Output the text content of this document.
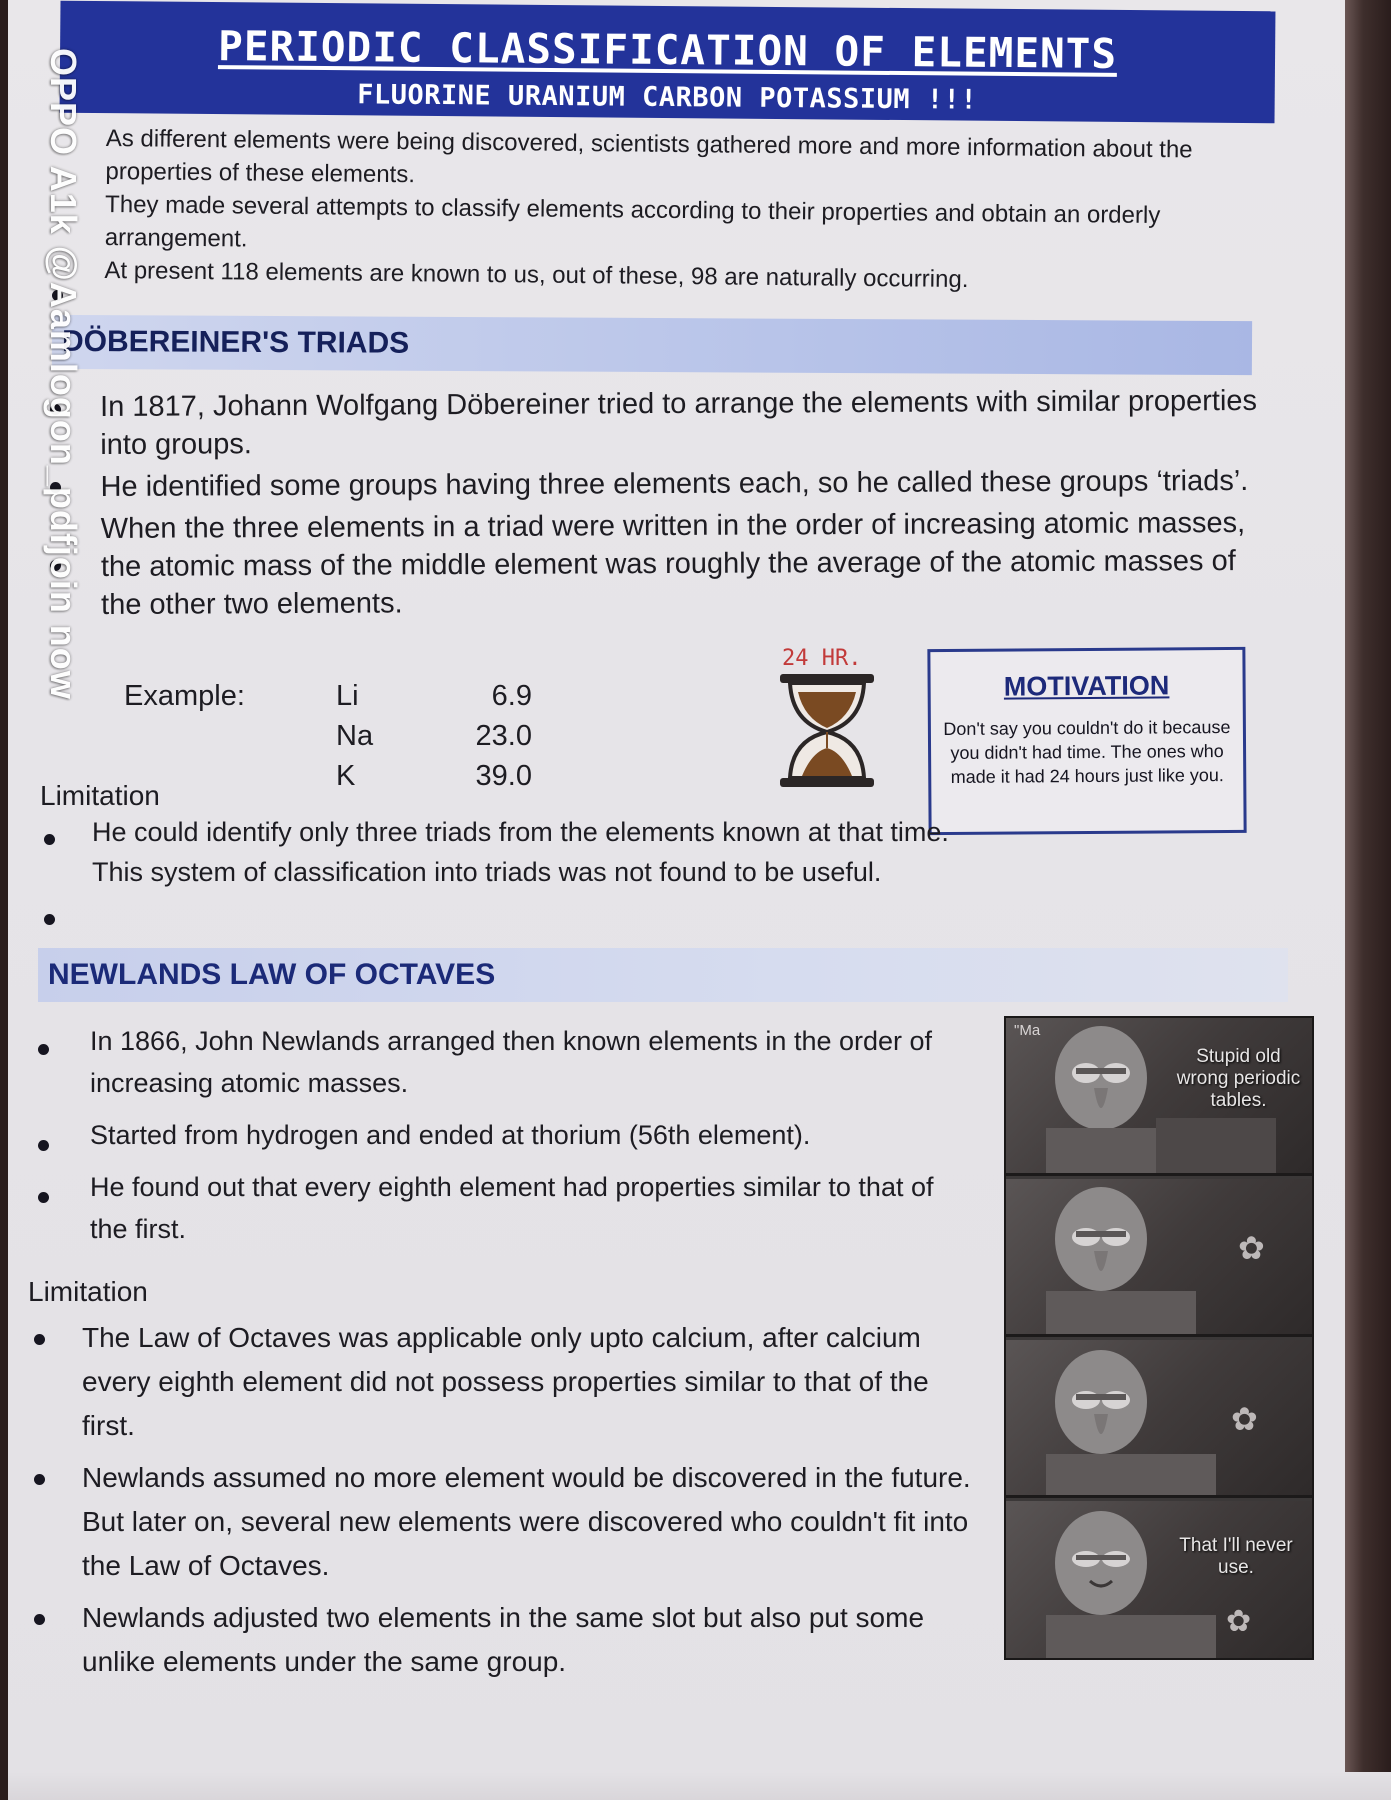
PERIODIC CLASSIFICATION OF ELEMENTS
FLUORINE URANIUM CARBON POTASSIUM !!!

As different elements were being discovered, scientists gathered more and more information about the properties of these elements.

They made several attempts to classify elements according to their properties and obtain an orderly arrangement.

At present 118 elements are known to us, out of these, 98 are naturally occurring.

DÖBEREINER'S TRIADS

In 1817, Johann Wolfgang Döbereiner tried to arrange the elements with similar properties into groups.

He identified some groups having three elements each, so he called these groups ‘triads’.

When the three elements in a triad were written in the order of increasing atomic masses, the atomic mass of the middle element was roughly the average of the atomic masses of the other two elements.

Example:	Li
Na
K
6.9
23.0
39.0
24 HR.
MOTIVATION
Don't say you couldn't do it because you didn't had time. The ones who made it had 24 hours just like you.
Limitation

He could identify only three triads from the elements known at that time.

This system of classification into triads was not found to be useful.

NEWLANDS LAW OF OCTAVES

In 1866, John Newlands arranged then known elements in the order of increasing atomic masses.

Started from hydrogen and ended at thorium (56th element).

He found out that every eighth element had properties similar to that of the first.

Limitation

The Law of Octaves was applicable only upto calcium, after calcium every eighth element did not possess properties similar to that of the first.

Newlands assumed no more element would be discovered in the future. But later on, several new elements were discovered who couldn't fit into the Law of Octaves.

Newlands adjusted two elements in the same slot but also put some unlike elements under the same group.

"Ma
Stupid old wrong periodic tables.
✿
✿
✿
That I'll never use.
OPPO A1k @Aamlogon_pdfjoin now
